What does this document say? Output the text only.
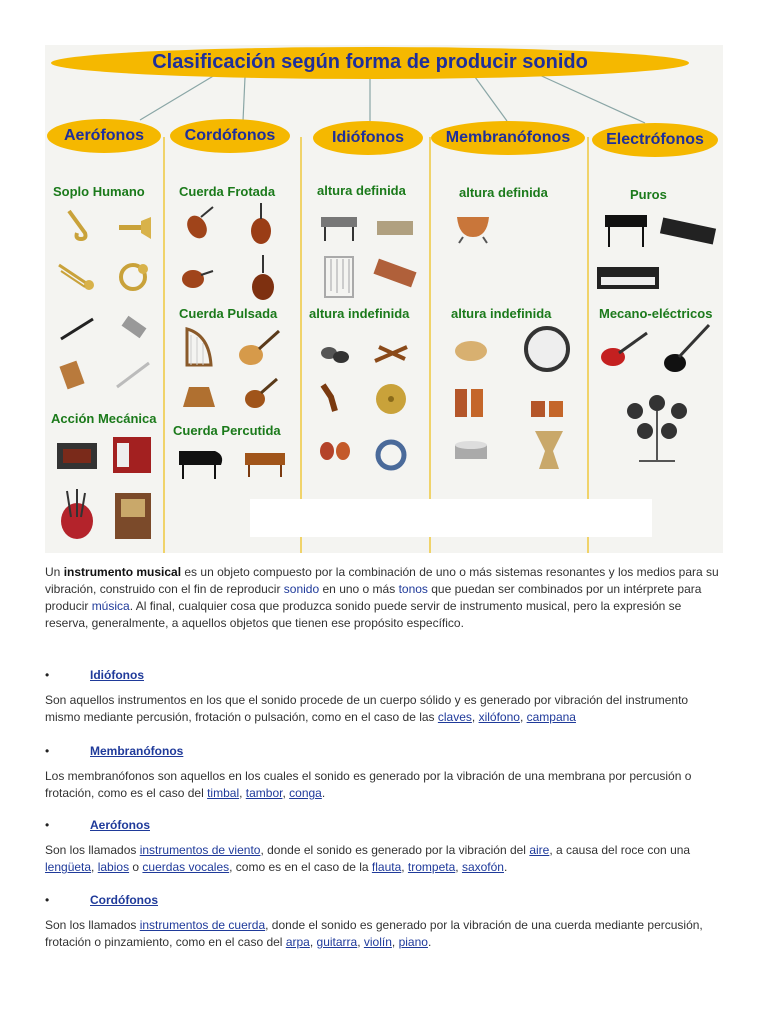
Clasificación según forma de producir sonido
Aerófonos	Cordófonos	Idiófonos	Membranófonos	Electrófonos
Soplo Humano
Acción Mecánica
Cuerda Frotada
Cuerda Pulsada
Cuerda Percutida
altura definida
altura indefinida
altura definida
altura indefinida
Puros
Mecano-eléctricos
Un instrumento musical es un objeto compuesto por la combinación de uno o más sistemas resonantes y los medios para su vibración, construido con el fin de reproducir sonido en uno o más tonos que puedan ser combinados por un intérprete para producir música. Al final, cualquier cosa que produzca sonido puede servir de instrumento musical, pero la expresión se reserva, generalmente, a aquellos objetos que tienen ese propósito específico.
•	Idiófonos
Son aquellos instrumentos en los que el sonido procede de un cuerpo sólido y es generado por vibración del instrumento mismo mediante percusión, frotación o pulsación, como en el caso de las claves, xilófono, campana
•	Membranófonos
Los membranófonos son aquellos en los cuales el sonido es generado por la vibración de una membrana por percusión o frotación, como es el caso del timbal, tambor, conga.
•	Aerófonos
Son los llamados instrumentos de viento, donde el sonido es generado por la vibración del aire, a causa del roce con una lengüeta, labios o cuerdas vocales, como es en el caso de la flauta, trompeta, saxofón.
•	Cordófonos
Son los llamados instrumentos de cuerda, donde el sonido es generado por la vibración de una cuerda mediante percusión, frotación o pinzamiento, como en el caso del arpa, guitarra, violín, piano.
